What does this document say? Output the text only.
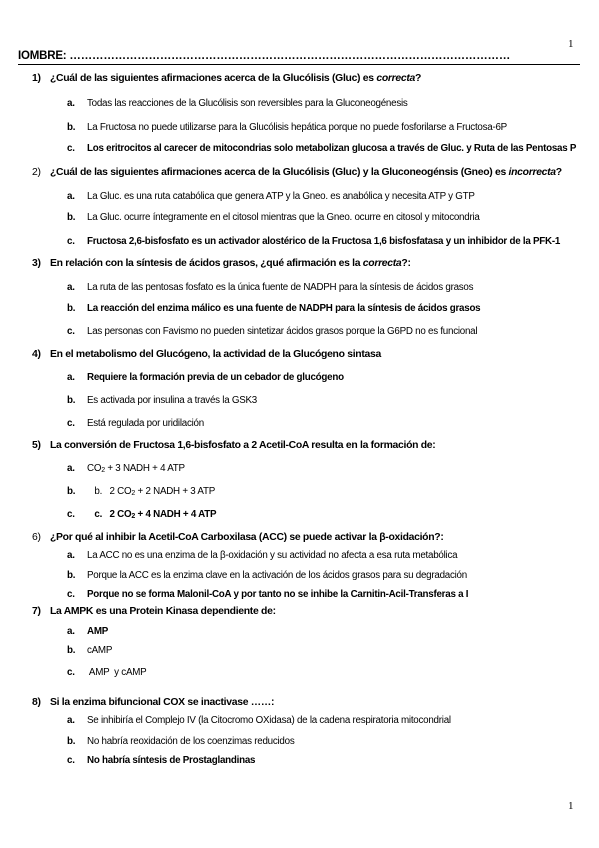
1
IOMBRE: ………………………………………………………………………………………………………
1) ¿Cuál de las siguientes afirmaciones acerca de la Glucólisis (Gluc) es correcta?
a. Todas las reacciones de la Glucólisis son reversibles para la Gluconeogénesis
b. La Fructosa no puede utilizarse para la Glucólisis hepática porque no puede fosforilarse a Fructosa-6P
c. Los eritrocitos al carecer de mitocondrias solo metabolizan glucosa a través de Gluc. y Ruta de las Pentosas P
2) ¿Cuál de las siguientes afirmaciones acerca de la Glucólisis (Gluc) y la Gluconeogénsis (Gneo) es incorrecta?
a. La Gluc. es una ruta catabólica que genera ATP y la Gneo. es anabólica y necesita ATP y GTP
b. La Gluc. ocurre íntegramente en el citosol mientras que la Gneo. ocurre en citosol y mitocondria
c. Fructosa 2,6-bisfosfato es un activador alostérico de la Fructosa 1,6 bisfosfatasa y un inhibidor de la PFK-1
3) En relación con la síntesis de ácidos grasos, ¿qué afirmación es la correcta?:
a. La ruta de las pentosas fosfato es la única fuente de NADPH para la síntesis de ácidos grasos
b. La reacción del enzima málico es una fuente de NADPH para la síntesis de ácidos grasos
c. Las personas con Favismo no pueden sintetizar ácidos grasos porque la G6PD no es funcional
4) En el metabolismo del Glucógeno, la actividad de la Glucógeno sintasa
a. Requiere la formación previa de un cebador de glucógeno
b. Es activada por insulina a través la GSK3
c. Está regulada por uridilación
5) La conversión de Fructosa 1,6-bisfosfato a 2 Acetil-CoA resulta en la formación de:
a. $CO_2 + 3$ NADH + 4 ATP
b. b.   2 $CO_2 + 2$ NADH + 3 ATP
c. c.   2 $CO_2 + 4$ NADH + 4 ATP
6) ¿Por qué al inhibir la Acetil-CoA Carboxilasa (ACC) se puede activar la β-oxidación?:
a. La ACC no es una enzima de la β-oxidación y su actividad no afecta a esa ruta metabólica
b. Porque la ACC es la enzima clave en la activación de los ácidos grasos para su degradación
c. Porque no se forma Malonil-CoA y por tanto no se inhibe la Carnitin-Acil-Transferas a I
7) La AMPK es una Protein Kinasa dependiente de:
a. AMP
b. cAMP
c. AMP  y cAMP
8) Si la enzima bifuncional COX se inactivase ……:
a. Se inhibiría el Complejo IV (la Citocromo OXidasa) de la cadena respiratoria mitocondrial
b. No habría reoxidación de los coenzimas reducidos
c. No habría síntesis de Prostaglandinas
1
